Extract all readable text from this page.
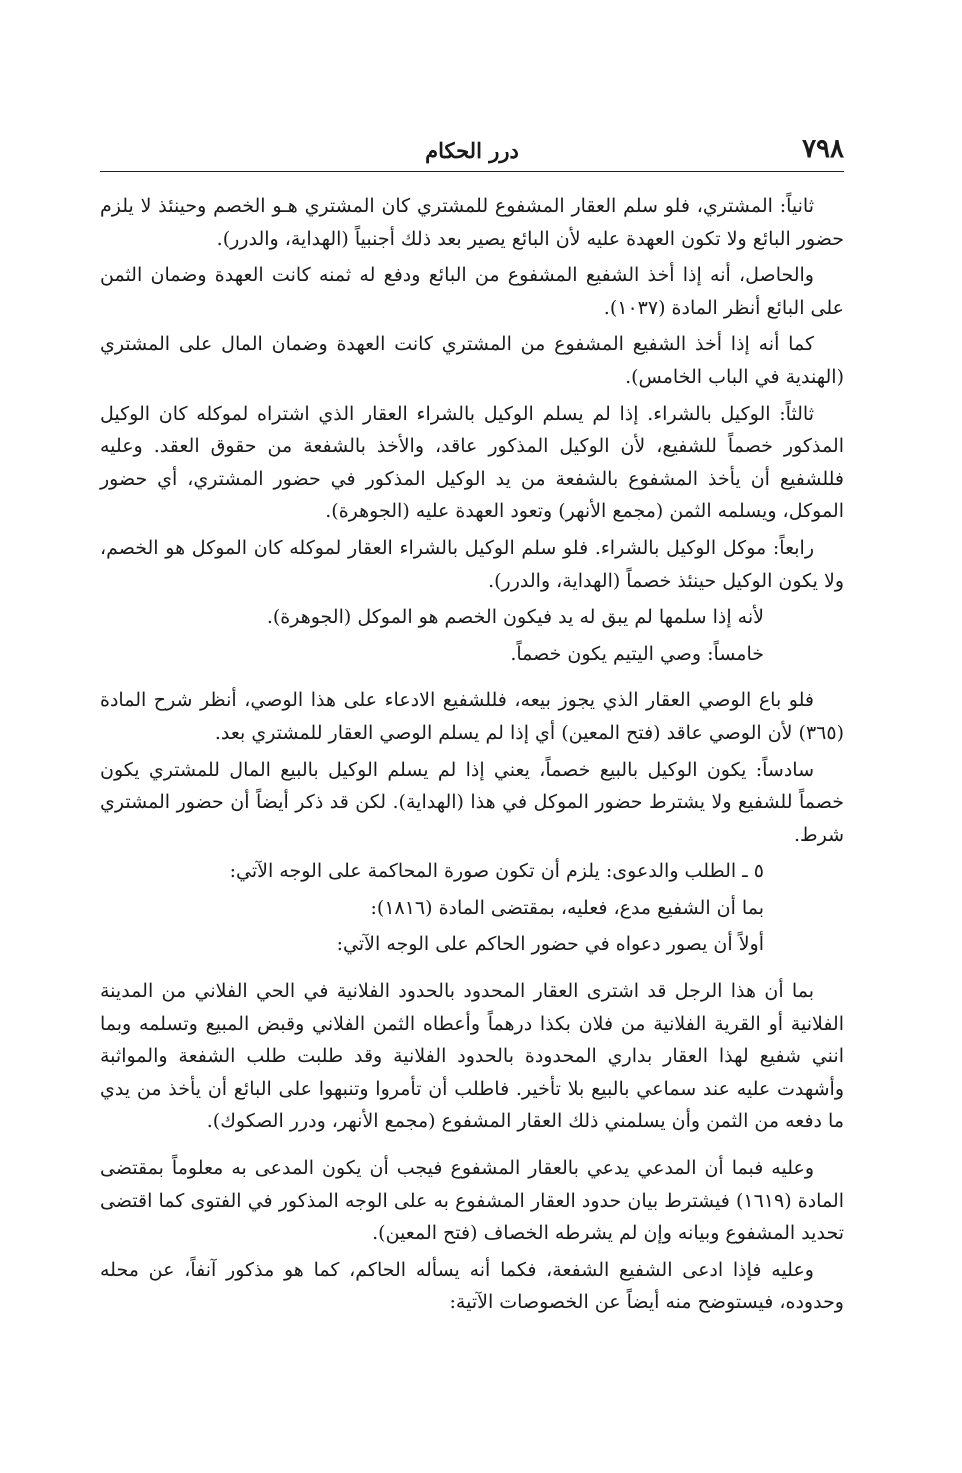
٧٩٨
درر الحكام

ثانياً: المشتري، فلو سلم العقار المشفوع للمشتري كان المشتري هـو الخصم وحينئذ لا يلزم حضور البائع ولا تكون العهدة عليه لأن البائع يصير بعد ذلك أجنبياً (الهداية، والدرر).

والحاصل، أنه إذا أخذ الشفيع المشفوع من البائع ودفع له ثمنه كانت العهدة وضمان الثمن على البائع أنظر المادة (١٠٣٧).

كما أنه إذا أخذ الشفيع المشفوع من المشتري كانت العهدة وضمان المال على المشتري (الهندية في الباب الخامس).

ثالثاً: الوكيل بالشراء. إذا لم يسلم الوكيل بالشراء العقار الذي اشتراه لموكله كان الوكيل المذكور خصماً للشفيع، لأن الوكيل المذكور عاقد، والأخذ بالشفعة من حقوق العقد. وعليه فللشفيع أن يأخذ المشفوع بالشفعة من يد الوكيل المذكور في حضور المشتري، أي حضور الموكل، ويسلمه الثمن (مجمع الأنهر) وتعود العهدة عليه (الجوهرة).

رابعاً: موكل الوكيل بالشراء. فلو سلم الوكيل بالشراء العقار لموكله كان الموكل هو الخصم، ولا يكون الوكيل حينئذ خصماً (الهداية، والدرر).

لأنه إذا سلمها لم يبق له يد فيكون الخصم هو الموكل (الجوهرة).

خامساً: وصي اليتيم يكون خصماً.

فلو باع الوصي العقار الذي يجوز بيعه، فللشفيع الادعاء على هذا الوصي، أنظر شرح المادة (٣٦٥) لأن الوصي عاقد (فتح المعين) أي إذا لم يسلم الوصي العقار للمشتري بعد.

سادساً: يكون الوكيل بالبيع خصماً، يعني إذا لم يسلم الوكيل بالبيع المال للمشتري يكون خصماً للشفيع ولا يشترط حضور الموكل في هذا (الهداية). لكن قد ذكر أيضاً أن حضور المشتري شرط.

٥ ـ الطلب والدعوى: يلزم أن تكون صورة المحاكمة على الوجه الآتي:

بما أن الشفيع مدع، فعليه، بمقتضى المادة (١٨١٦):

أولاً أن يصور دعواه في حضور الحاكم على الوجه الآتي:

بما أن هذا الرجل قد اشترى العقار المحدود بالحدود الفلانية في الحي الفلاني من المدينة الفلانية أو القرية الفلانية من فلان بكذا درهماً وأعطاه الثمن الفلاني وقبض المبيع وتسلمه وبما انني شفيع لهذا العقار بداري المحدودة بالحدود الفلانية وقد طلبت طلب الشفعة والمواثبة وأشهدت عليه عند سماعي بالبيع بلا تأخير. فاطلب أن تأمروا وتنبهوا على البائع أن يأخذ من يدي ما دفعه من الثمن وأن يسلمني ذلك العقار المشفوع (مجمع الأنهر، ودرر الصكوك).

وعليه فبما أن المدعي يدعي بالعقار المشفوع فيجب أن يكون المدعى به معلوماً بمقتضى المادة (١٦١٩) فيشترط بيان حدود العقار المشفوع به على الوجه المذكور في الفتوى كما اقتضى تحديد المشفوع وبيانه وإن لم يشرطه الخصاف (فتح المعين).

وعليه فإذا ادعى الشفيع الشفعة، فكما أنه يسأله الحاكم، كما هو مذكور آنفاً، عن محله وحدوده، فيستوضح منه أيضاً عن الخصوصات الآتية:
